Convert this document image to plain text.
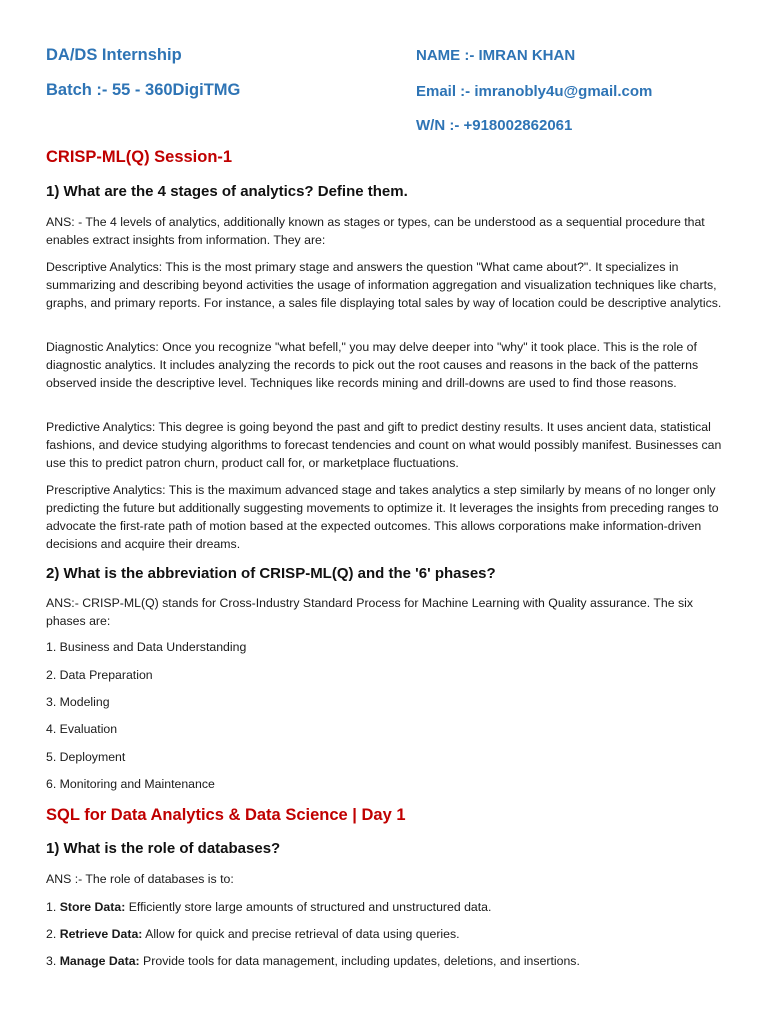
DA/DS Internship
Batch :- 55 - 360DigiTMG
NAME :- IMRAN KHAN
Email :- imranobly4u@gmail.com
W/N :- +918002862061
CRISP-ML(Q) Session-1
1) What are the 4 stages of analytics? Define them.
ANS: - The 4 levels of analytics, additionally known as stages or types, can be understood as a sequential procedure that enables extract insights from information. They are:
Descriptive Analytics: This is the most primary stage and answers the question "What came about?". It specializes in summarizing and describing beyond activities the usage of information aggregation and visualization techniques like charts, graphs, and primary reports. For instance, a sales file displaying total sales by way of location could be descriptive analytics.
Diagnostic Analytics: Once you recognize "what befell," you may delve deeper into "why" it took place. This is the role of diagnostic analytics. It includes analyzing the records to pick out the root causes and reasons in the back of the patterns observed inside the descriptive level. Techniques like records mining and drill-downs are used to find those reasons.
Predictive Analytics: This degree is going beyond the past and gift to predict destiny results. It uses ancient data, statistical fashions, and device studying algorithms to forecast tendencies and count on what would possibly manifest. Businesses can use this to predict patron churn, product call for, or marketplace fluctuations.
Prescriptive Analytics: This is the maximum advanced stage and takes analytics a step similarly by means of no longer only predicting the future but additionally suggesting movements to optimize it. It leverages the insights from preceding ranges to advocate the first-rate path of motion based at the expected outcomes. This allows corporations make information-driven decisions and acquire their dreams.
2) What is the abbreviation of CRISP-ML(Q) and the '6' phases?
ANS:- CRISP-ML(Q) stands for Cross-Industry Standard Process for Machine Learning with Quality assurance. The six phases are:
1. Business and Data Understanding
2. Data Preparation
3. Modeling
4. Evaluation
5. Deployment
6. Monitoring and Maintenance
SQL for Data Analytics & Data Science | Day 1
1) What is the role of databases?
ANS :- The role of databases is to:
1. Store Data: Efficiently store large amounts of structured and unstructured data.
2. Retrieve Data: Allow for quick and precise retrieval of data using queries.
3. Manage Data: Provide tools for data management, including updates, deletions, and insertions.
